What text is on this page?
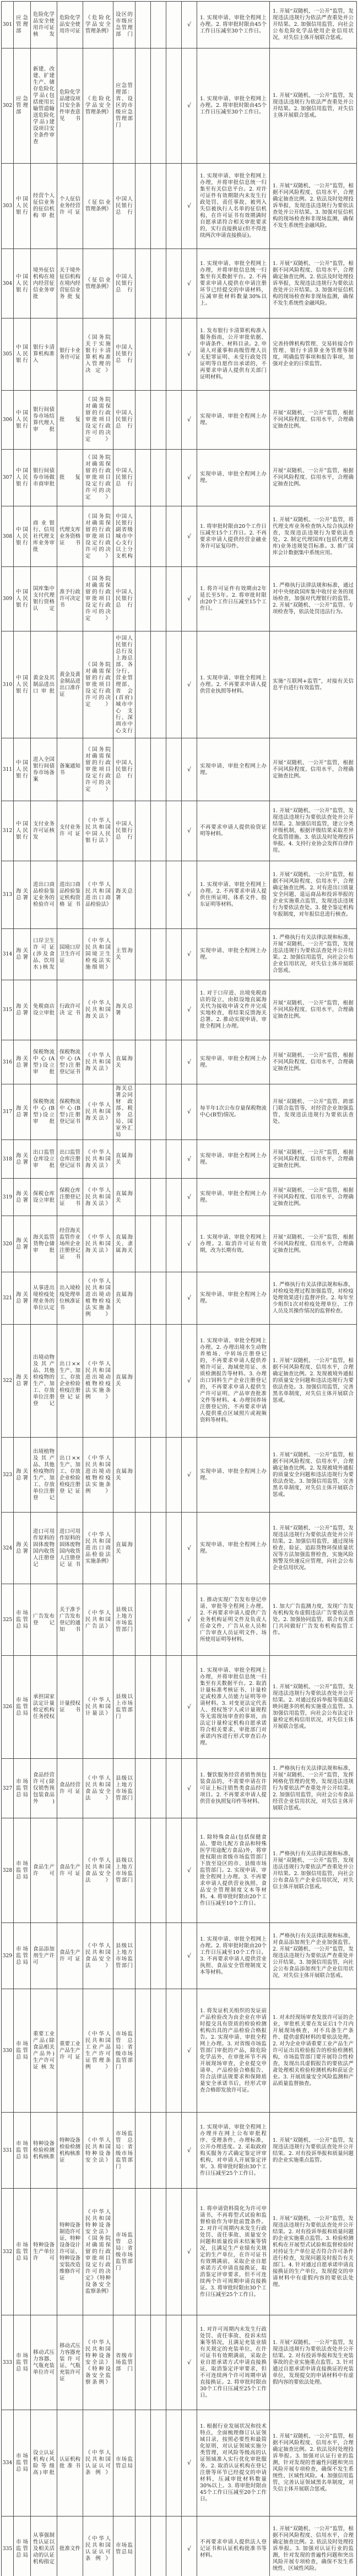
301	应急管理部	危险化学品安全使用许可证核发	危险化学品安全使用许可证	《危险化学品安全管理条例》	设区的市级应急管理部门				√	1. 实现申请、审批全程网上办理。2. 将审批时限由45个工作日压减至30个工作日。	1. 开展“双随机、一公开”监管，发现违法违规行为依法严查重处并公开结果。2. 加强信用监管，向社会公布危险化学品使用企业信用状况，对失信主体开展联合惩戒。
302	应急管理部	新建、改建、扩建生产、储存危险化学品(包括使用长输管道输送危险化学品)建设项目安全条件审查	危险化学品建设项目安全条件审查意见书	《危险化学品安全管理条例》	应急管理部：省、设区的市级应急管理部门				√	1. 实现申请、审批全程网上办理。2. 将审批时限由45个工作日压减至30个工作日。	1. 开展“双随机、一公开”监管，发现违法违规行为依法严查重处并公开结果。2. 加强信用监管，对失信主体开展联合惩戒。
303	中国人民银行	经营个人征信业务的征信机构审批	个人征信业务经营许可证	《征信业管理条例》	中国人民银行总行				√	1. 实现申请、审批全程网上办理，并将审批信息统一归集至有关信息平台。2. 对许可证件有效期限内未发生行政处罚、责任事故、被列入失信被执行人名单的征信机构，在许可证书有效期满时自愿承诺符合相关审批要求的，实行直接换证(但不得连续两次申请直接换证)。	1. 开展“双随机、一公开”监管，根据不同风险程度、信用水平，合理确定抽查比例。2. 依法及时处理投诉举报，发现违法违规行为要依法查处并公开结果。3. 加强对征信机构的现场检查和非现场监测，确保不发生系统性金融风险。
304	中国人民银行	境外征信机构在境内经营征信业务审批	关于境外征信机构在境内经营征信业务批复	《征信业管理条例》	中国人民银行总行				√	1. 实现申请、审批全程网上办理，并将审批信息统一归集至有关数据平台。2. 不再要求申请人提供在申请注册环节已经提交的申请材料，压减审批材料数量30%以上。	1. 开展“双随机、一公开”监管，根据不同风险程度、信用水平，合理确定抽查比例。2. 依法及时处理投诉举报，发现违法违规行为要依法查处并公开结果。3. 加强对征信机构的现场检查和非现场监测，确保不发生系统性金融风险。
305	中国人民银行	银行卡清算机构准入	银行卡业务许可证	《国务院关于实施银行卡清算机构准入管理的决定》	中国人民银行总行				√	1. 发布银行卡清算机构准入服务指南，公开审批依据、申请条件、材料目录。2. 申请人对董事和高级管理人员无犯罪证明、未受行政处罚证明等自愿作出承诺的，不再要求申请人提供有关部门证明材料。	完善持牌机构管理、交易转接合作管理、银行卡清算业务管理等制度，明确监管事项和报告事项，加强对企业的日常监管。
306	中国人民银行	银行间债券市场结算代理人审批	批复	《国务院对确需保留的行政审批项目设定行政许可的决定》	中国人民银行总行				√	实现申请、审批全程网上办理。	开展“双随机、一公开”监管，根据不同风险程度、信用水平，合理确定抽查比例。
307	中国人民银行	银行间债券市场做市商审批	批复	《国务院对确需保留的行政审批项目设定行政许可的决定》	中国人民银行总行				√	实现申请、审批全程网上办理。	开展“双随机、一公开”监管，根据不同风险程度、信用水平，合理确定抽查比例。
308	中国人民银行	商业银行、信用社代理支库业务审批	代理支库业务资格证书	《国务院对确需保留的行政审批项目设定行政许可的决定》	中国人民银行副省级城市中心支行以上分支机构				√	1. 将审批时限由20个工作日压减至15个工作日。2. 不再要求申请人提供经营金融业务许可证复印件。	1. 开展“双随机、一公开”监管，将代理支库业务检查纳入综合执法检查，发现违法违规行为要依法查处。2. 制定代理国库(包括代理支库)业务违规处罚标准。3. 推广国库会计数据集中系统应用。
309	中国人民银行	国库集中支付代理银行资格认定	准予行政许可决定书	《国务院对确需保留的行政审批项目设定行政许可的决定》	中国人民银行总行				√	1. 将许可证件有效期由2年延长至5年。2. 将审批时限由20个工作日压减至15个工作日。	1. 严格执行法律法规和标准，通过对中央财政国库集中收付业务的现场检查，加强对代理银行的监管。2. 开展“双随机、一公开”监管、专项检查等，依法处罚违法行为。
310	中国人民银行	黄金及其制品进出口审批	黄金及黄金制品进出口准许证	《国务院对确需保留的行政审批项目设定行政许可的决定》	中国人民银行总行及上海总部、各分行、营业管理部、省会(首府)城市中心支行、深圳市中心支行				√	1. 实现申请、审批全程网上办理。2. 不再要求申请人提供营业执照等材料。	实施“互联网+监管”，对接有关信息平台进行有效监管。
311	中国人民银行	进入全国银行间债券市场备案	备案通知书	《国务院对确需保留的行政审批项目设定行政许可的决定》	中国人民银行总行				√	实现申请、审批全程网上办理。	开展“双随机、一公开”监管，根据不同风险程度、信用水平，合理确定抽查比例。
312	中国人民银行	支付业务许可证核发	支付业务许可证	《中华人民共和国中国人民银行法》	中国人民银行总行				√	不再要求申请人提供验资证明等材料。	1. 开展“双随机、一公开”监管，发现违法违规行为要依法查处并公开结果。2. 加强信用监管，建立分类评级机制，根据评级结果采取差异化监管措施。3. 依法及时处理投诉举报。4. 支持行业协会发挥自律作用。
313	海关总署	进出口商品检验鉴定业务的检验许可	进出口商品检验鉴定机构资格证书	《中华人民共和国进出口商品检验法》	海关总署				√	1. 实现申请、审批全程网上办理。2. 不再要求申请人提供住所证明、体系文件、股东证明等材料。	1. 开展“双随机、一公开”监管，根据不同风险程度、信用水平，合理确定抽查比例。2. 对有进出口质量安全问题、退运商品和投诉举报的企业实施重点监管，发现违法违规行为要依法查处。3. 健全鉴定机构年报制度，对年报信息进行核查。
314	海关总署	口岸卫生许可证(涉及食品、饮用水)核发	国境口岸卫生许可证	《中华人民共和国国境卫生检疫法实施细则》	主管海关				√	实现申请、审批全程网上办理。	1. 严格执行有关法律法规和标准，开展“双随机、一公开”监管，发现违法违规行为要依法查处并公开结果。2. 加强信用监管，向社会公布企业信用状况，对失信主体开展联合惩戒。
315	海关总署	免税商店设立审批	行政许可决定书	《中华人民共和国海关法》	海关总署				√	1. 对于口岸进、出境免税商店的设立，由拟设地直属海关代为接收申请文件并完成实地检查，将结果反馈海关总署。2. 推动实现申请、审批全程网上办理。	开展“双随机、一公开”监管，根据不同风险程度、信用水平，合理确定抽查比例。
316	海关总署	保税物流中心(A型)设立审批	保税物流中心(A型)注册登记证书	《中华人民共和国海关法》	直属海关				√	实现申请、审批全程网上办理。	开展“双随机、一公开”监管，根据不同风险程度、信用水平，合理确定抽查比例。
317	海关总署	保税物流中心(B型)设立审批	保税物流中心(B型)注册登记证书	《中华人民共和国海关法》	海关总署会同财政部、税务总局、国家外汇局				√	每半年1次公布存量保税物流中心(B型)情况。	开展“双随机、一公开”监管、跨部门联合监管等，对经营企业加强监管，发现违法违规行为要依法查处。
318	海关总署	出口监管仓库设立审批	出口监管仓库注册登记证书	《中华人民共和国海关法》	直属海关				√	实现申请、审批全程网上办理。	开展“双随机、一公开”监管，根据不同风险程度、信用水平，合理确定抽查比例。
319	海关总署	保税仓库设立审批	保税仓库注册登记证书	《中华人民共和国海关法》	直属海关				√	实现申请、审批全程网上办理。	开展“双随机、一公开”监管，根据不同风险程度、信用水平，合理确定抽查比例。
320	海关总署	海关监管货物仓储审批	经营海关监管作业场所企业注册登记证书	《中华人民共和国海关法》	直属海关、隶属海关				√	1. 实现申请、审批全程网上办理。2. 取消许可证有效期，改为长期有效。	开展“双随机、一公开”监管，根据不同风险程度、信用水平，合理确定抽查比例。
321	海关总署	从事进出境检疫处理业务的单位认定	出入境检疫处理单位核准证书	《中华人民共和国进出境动植物检疫法实施条例》	直属海关				√	实现申请、审批全程网上办理。	1. 严格执行有关法律法规和标准，对检疫处理过程加强监管，对检疫处理效果进行监督评价。2. 每年至少组织1次对检疫处理单位、工作人员及其操作情况的监督检查。
322	海关总署	出境动物及其产品、其他检疫物的生产、加工、存放单位注册登记	出口××生产、加工、存放企业检验检疫注册登记证	《中华人民共和国进出境动植物检疫法实施条例》	直属海关				√	1. 实现申请、审批全程网上办理。2. 办理出境水生动物养殖场、中转场注册登记的，不再要求申请人提供养殖许可证、海域使用证、水质检测报告等材料。3. 办理出口饲料生产企业注册登记的，不再要求申请人提供生产许可证明、产品审查批准文件等材料。4. 办理饲养场注册登记的，不再要求申请人提供重点区域照片或视频资料等材料。	1. 开展“双随机、一公开”监管，根据不同风险程度、信用水平，合理确定抽查比例。2. 发现被境外通报的质量安全问题和违法违规行为要依法查处。3. 加强信用监管，完善黑名单制度，对失信主体开展联合惩戒。
323	海关总署	出境植物及其产品、其他检疫物的生产、加工、存放单位注册登记	出口××生产、加工、存放企业检验检疫注册登记证	《中华人民共和国进出境动植物检疫法实施条例》	直属海关				√	实现申请、审批全程网上办理。	1. 开展“双随机、一公开”监管，根据不同风险程度、信用水平，合理确定抽查比例。2. 发现被境外通报的质量安全问题和违法违规行为要依法查处。3. 加强信用监管，完善黑名单制度，对失信主体开展联合惩戒。
324	海关总署	进口可用作原料的固体废物国内收货人注册登记	进口可用作原料的固体废物国内收货人注册登记证书	《中华人民共和国进出口商品检验法实施条例》	直属海关				√	实现申请、审批全程网上办理。	1. 开展“双随机、一公开”监管，发现违法违规行为要依法查处并公开结果。2. 加强信用监管，通过现场检查、验证、追踪货物环保质量状况等方法加强监督检查，实施风险预警及快速反应管理，向社会公布企业信用状况。
325	市场监管总局	广告发布登记	关于准予广告发布登记的通知书	《中华人民共和国广告法》	县级以上地方市场监管部门				√	1. 推动实现广告发布登记申请、审批等全程网上办理。2. 不再要求申请人提供广告业务机构证明文件及负责人任命文件、广告从业人员和广告审查人员证明文件、场所使用证明等材料。	1. 加大广告监测力度，发现广告发布机构发布虚假违法广告要依法查处。2. 加强协同监管，联合有关部门共同做好广告发布机构监管工作。
326	市场监管总局	承担国家法定计量检定机构任务授权	计量授权证书	《中华人民共和国计量法》	县级以上市场监管部门				√	1. 实现申请、审批全程网上办理，并将审批信息统一归集至有关数据平台。2. 取消计量标准考核证书、计量检定或校准人员能力证明等申请材料。3. 对变更法定代表人、授权签字人或计量规程等无需现场审查的事项，由法定计量检定机构自愿承诺符合相关要求，审批部门对承诺内容进行形式审查后办理。	1. 开展“双随机、一公开”监管，发现违法违规行为要依法查处并公开结果。2. 对通过投诉举报等渠道反映问题多的机构实施重点监管。3. 加强信用监管，向社会公布法定计量检定机构信用状况，对失信主体开展联合惩戒。
327	市场监管总局	食品经营许可(除仅销售预包装食品外)	食品经营许可证	《中华人民共和国食品安全法》	县级以上地方市场监管部门				√	1. 餐饮服务经营者销售预包装食品的，不需要申请在许可证上标注销售类食品经营项目。2. 不再要求申请人提供营业执照复印件等材料。	1. 严格执行有关法律法规和标准，开展“双随机、一公开”监管，发挥网格化管理的优势，发现违法违规行为要依法严查重处并公开结果。2. 加强信用监管，向社会公布食品经营企业信用状况，对失信主体开展联合惩戒。
328	市场监管总局	食品生产许可	食品生产许可证	《中华人民共和国食品安全法》	县级以上地方市场监管部门				√	1. 除特殊食品(包括保健食品、婴幼儿配方食品和特殊医学用途配方食品)外，将审批权限由省级市场监管部门下放至设区的市、县级市场监管部门。2. 实现申请、审批全程网上办理。3. 不再要求申请人提供营业执照、食品安全管理制度文本等材料。4. 将审批时限由20个工作日压减至10个工作日。	1. 严格执行有关法律法规和标准，开展“双随机、一公开”监管，发现违法违规行为要依法严查重处并公开结果。2. 加强信用监管，向社会公布食品生产企业信用状况，对失信主体开展联合惩戒。
329	市场监管总局	食品添加剂生产许可	食品生产许可证	《中华人民共和国食品安全法》	县级以上地方市场监管部门				√	1. 实现申请、审批全程网上办理。2. 将审批时限由20个工作日压减至10个工作日。3. 不再要求申请人提供营业执照、食品安全管理制度文本等材料。	1. 严格执行有关法律法规和标准，对食品添加剂生产企业加强监管。2. 开展“双随机、一公开”监管，发现违法违规行为要依法严查重处并公开结果。3. 加强信用监管，向社会公布食品添加剂生产企业信用状况，对失信主体开展联合惩戒。
330	市场监管总局	重要工业产品(除食品相关产品外)生产许可证核发	重要工业产品生产许可证	《中华人民共和国工业产品生产许可证管理条例》	市场监管总局：省级市场监管部门				√	1. 将发证机关组织的发证前产品检验改为由企业在申请时提交具有资质的检验检测机构出具的产品检验合格报告。2. 实现申请、审批全程网上办理。3. 对省级市场监管部门审批的产品，除危险化学品外，在审批环节不再开展现场审查，企业提交申请单、产品检验合格报告、符合法律法规要求和保障质量安全承诺书后，经形式审查合格即发放许可证。	1. 对未经现场审查发放许可证的企业，审批机关要在发证后1个月内开展现场核查，对不具备生产条件、提供虚假材料的要依法处理。2. 对为企业申请重要工业产品生产许可证出具检验报告的检验检测机构，市场监管部门要开展符合性检查，发现出具虚假报告的要依法严肃处理相关检验检测机构和获证企业。3. 开展质量安全风险监测和产品质量监督抽查。
331	市场监管总局	特种设备检验检测机构核准	特种设备检验检测机构核准证	《中华人民共和国特种设备安全法》	市场监管总局：省级市场监管部门				√	1. 实现申请、审批全程网上办理并在网上公布审批程序、受理条件、办理标准，公开办理进度。2. 采取政府购买服务方式确定鉴定评审机构，对申请人开展鉴定评审。3. 将审批时限由30个工作日压减至25个工作日。	1. 开展“双随机、一公开”监管，发现违法违规行为要依法查处并公开结果。2. 对有投诉举报和质量问题的企业实施重点监管。
332	市场监管总局	特种设备生产单位许可	特种设备制造许可证、特种设备设计许可证、特种设备安装改造维修许可证	《中华人民共和国特种设备安全法》《国务院对确需保留的行政审批项目设定行政许可的决定》《特种设备安全监察条例》	市场监管总局：省级市场监管部门				√	1. 将申请资料简化为许可申请书，不再将型式试验和监督检验作为审批前置条件。2. 对许可周期内未发生行政处罚、责任事故、质量安全问题和质量投诉未结案等情况，且满足生产业绩有关规定的生产单位，在许可证书有效期满前，采取企业自愿承诺方式申请直接换证，取消鉴定评审要求，但不可连续两个许可周期申请直接换证。3. 将审批时限由30个工作日压减至25个工作日。	1. 开展“双随机、一公开”监管，发现违法违规行为要依法查处并公开结果。2. 对有投诉举报和质量问题的企业实施重点监管。3. 检验检测机构在开展型式试验和监督检验时对持证生产单位是否符合许可条件进行检查，发现问题及时报告有关部门。4. 针对通过自愿承诺申请直接换证的生产单位，发现提交的申请材料中有虚假内容的要依法处理。
333	市场监管总局	移动式压力容器、气瓶充装单位许可	移动式压力容器充装许可证、气瓶充装许可证	《中华人民共和国特种设备安全法》《特种设备安全监察条例》	省级市场监管部门				√	1. 对许可周期内未发生行政处罚、责任事故、投诉未结案等情况，且满足充装业绩有关规定的充装单位，在许可证书有效期满前，采取企业自愿承诺方式申请直接换证，取消鉴定评审要求，但不可连续两个许可周期申请直接换证。2. 将审批时限由30个工作日压减至25个工作日。	1. 开展“双随机、一公开”监管，发现违法违规行为要依法查处并公开结果。2. 对有投诉举报和发生充装事故的企业实施重点监管。3. 针对通过自愿承诺申请直接换证的充装单位，发现提交的申请材料中有虚假内容的要依法处理。
334	市场监管总局	设立认证机构(风险等级高)审批	认证机构批准书	《中华人民共和国认证认可条例》	市场监管总局				√	1. 根据行业发展状况和技术特点，全面梳理修订认证领域目录，按照必要性和最简化原则，对认证领域实施分类管理，对风险等级高的认证领域准入实行优化审批服务。2. 取消认证机构在登记注册等环节已经提交的申请材料，压减审批材料数量30%以上。3. 将审批时限由45个工作日压减至20个工作日。	1. 开展“双随机、一公开”监管，根据不同风险程度、信用水平，合理确定抽查比例。2. 依法及时处理投诉举报。3. 加强对认证行业的监测，针对发现的普遍性问题和突出风险开展专项检查，确保不发生系统性、区域性风险。4. 加强信用监管，完善认证领域黑名单制度，对失信主体开展联合惩戒。
335	市场监管总局	从事强制性认证以及相关活动的认证机构指定	批准文件	《中华人民共和国认证认可条例》	市场监管总局				√	不再要求申请人提供法人登记证书和认证机构批准书等材料。	1. 开展“双随机、一公开”监管，根据不同风险程度、信用水平，合理确定抽查比例。2. 依法及时处理投诉举报。3. 加强对认证行业的监测，针对发现的普遍性问题和突出风险开展专项检查，确保不发生系统性、区域性风险。
